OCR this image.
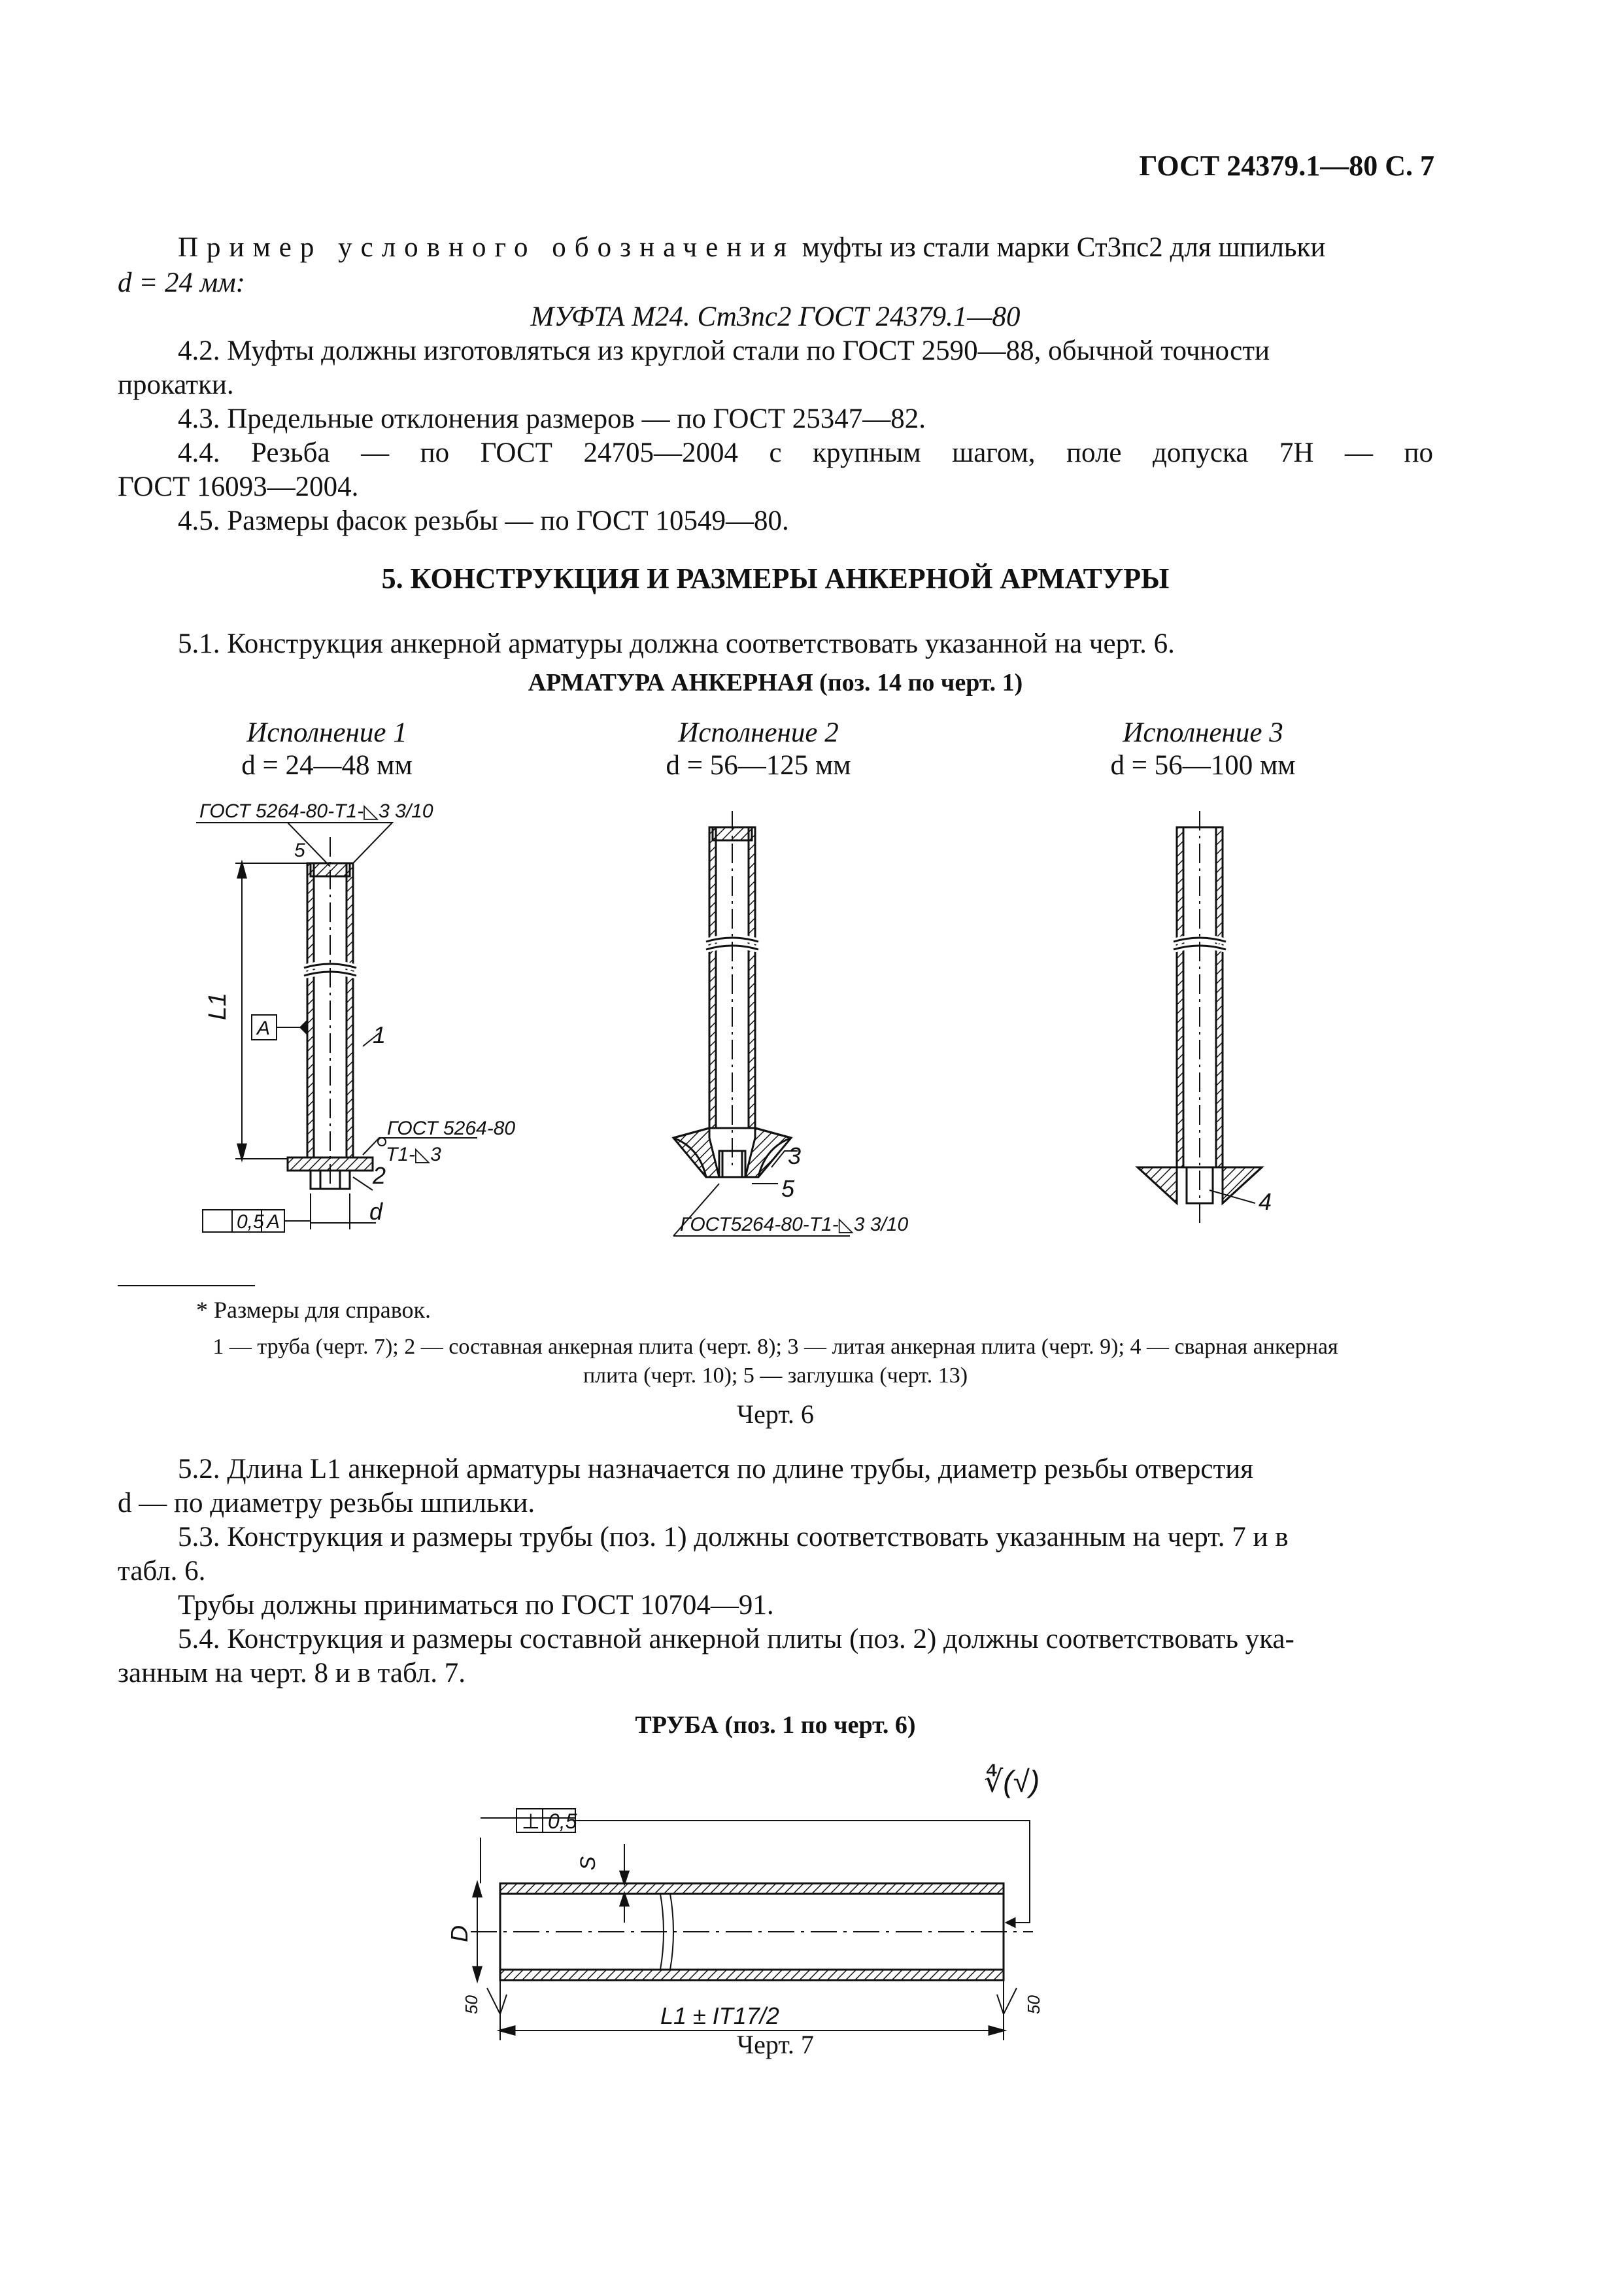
ГОСТ 24379.1—80 С. 7
Пример условного обозначения муфты из стали марки Ст3пс2 для шпильки
d = 24 мм:
МУФТА М24. Ст3пс2 ГОСТ 24379.1—80
4.2. Муфты должны изготовляться из круглой стали по ГОСТ 2590—88, обычной точности
прокатки.
4.3. Предельные отклонения размеров — по ГОСТ 25347—82.
4.4. Резьба — по ГОСТ 24705—2004 с крупным шагом, поле допуска 7Н — по
ГОСТ 16093—2004.
4.5. Размеры фасок резьбы — по ГОСТ 10549—80.
5. КОНСТРУКЦИЯ И РАЗМЕРЫ АНКЕРНОЙ АРМАТУРЫ
5.1. Конструкция анкерной арматуры должна соответствовать указанной на черт. 6.
АРМАТУРА АНКЕРНАЯ (поз. 14 по черт. 1)
Исполнение 1
d = 24—48 мм
Исполнение 2
d = 56—125 мм
Исполнение 3
d = 56—100 мм
ГОСТ 5264-80-Т1-◺3 3/10
5
L1
A	1
ГОСТ 5264-80
Т1-◺3
2
0,5 A	d
3
5
ГОСТ5264-80-Т1-◺3 3/10
4
* Размеры для справок.
1 — труба (черт. 7); 2 — составная анкерная плита (черт. 8); 3 — литая анкерная плита (черт. 9); 4 — сварная анкерная
плита (черт. 10); 5 — заглушка (черт. 13)
Черт. 6
5.2. Длина L1 анкерной арматуры назначается по длине трубы, диаметр резьбы отверстия
d — по диаметру резьбы шпильки.
5.3. Конструкция и размеры трубы (поз. 1) должны соответствовать указанным на черт. 7 и в
табл. 6.
Трубы должны приниматься по ГОСТ 10704—91.
5.4. Конструкция и размеры составной анкерной плиты (поз. 2) должны соответствовать ука-
занным на черт. 8 и в табл. 7.
ТРУБА (поз. 1 по черт. 6)
∜(√)
⊥ 0,5
S
D
L1 ± IT17/2
50	50
Черт. 7
